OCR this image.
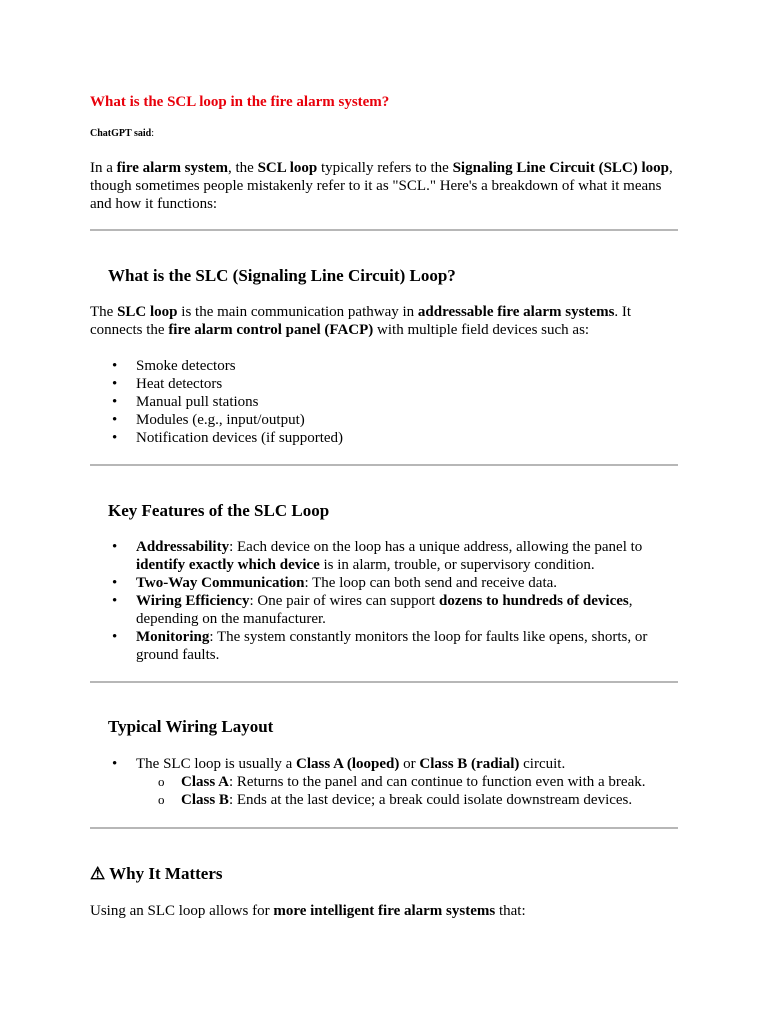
What is the SCL loop in the fire alarm system?
ChatGPT said:

In a fire alarm system, the SCL loop typically refers to the Signaling Line Circuit (SLC) loop, though sometimes people mistakenly refer to it as "SCL." Here's a breakdown of what it means and how it functions:

What is the SLC (Signaling Line Circuit) Loop?

The SLC loop is the main communication pathway in addressable fire alarm systems. It connects the fire alarm control panel (FACP) with multiple field devices such as:

• Smoke detectors
• Heat detectors
• Manual pull stations
• Modules (e.g., input/output)
• Notification devices (if supported)
Key Features of the SLC Loop
• Addressability: Each device on the loop has a unique address, allowing the panel to identify exactly which device is in alarm, trouble, or supervisory condition.
• Two-Way Communication: The loop can both send and receive data.
• Wiring Efficiency: One pair of wires can support dozens to hundreds of devices, depending on the manufacturer.
• Monitoring: The system constantly monitors the loop for faults like opens, shorts, or ground faults.
Typical Wiring Layout
• The SLC loop is usually a Class A (looped) or Class B (radial) circuit.
o Class A: Returns to the panel and can continue to function even with a break.
o Class B: Ends at the last device; a break could isolate downstream devices.
⚠ Why It Matters

Using an SLC loop allows for more intelligent fire alarm systems that:
